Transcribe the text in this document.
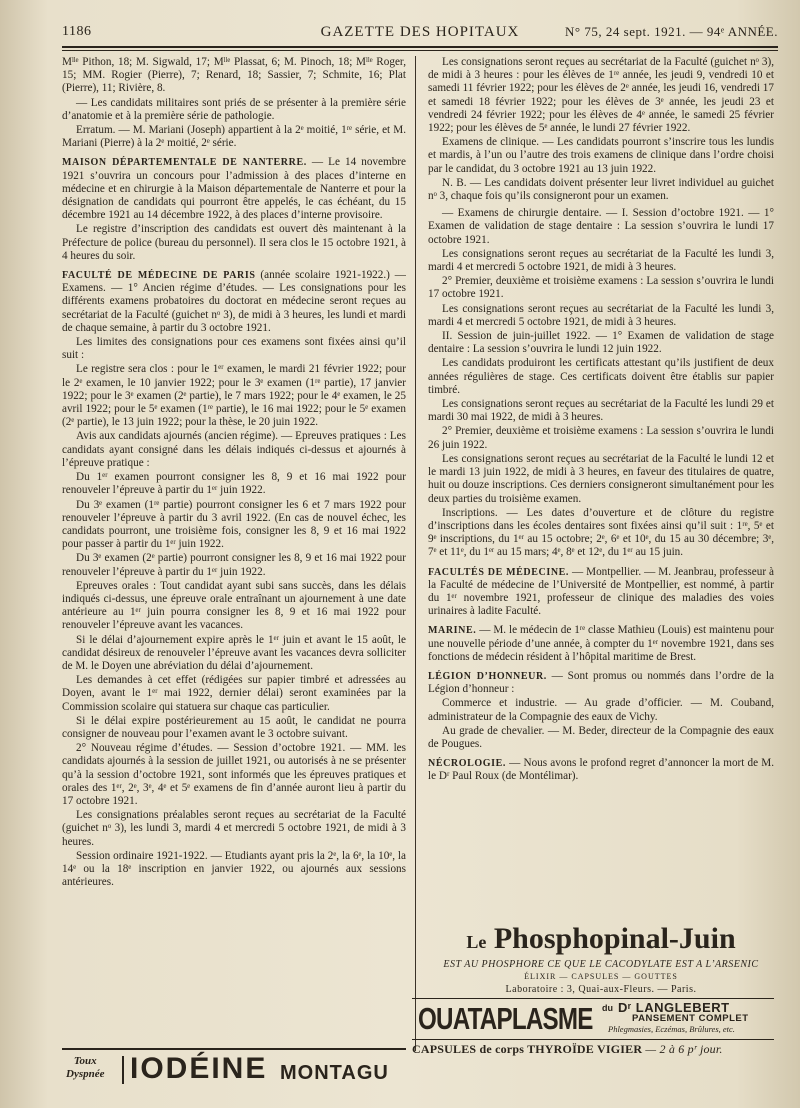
1186	GAZETTE DES HOPITAUX	N° 75, 24 sept. 1921. — 94ᵉ ANNÉE.

Mˡˡᵉ Pithon, 18; M. Sigwald, 17; Mˡˡᵉ Plassat, 6; M. Pinoch, 18; Mˡˡᵉ Roger, 15; MM. Rogier (Pierre), 7; Renard, 18; Sassier, 7; Schmite, 16; Plat (Pierre), 11; Rivière, 8.

— Les candidats militaires sont priés de se présenter à la première série d’anatomie et à la première série de pathologie.

Erratum. — M. Mariani (Joseph) appartient à la 2ᵉ moitié, 1ʳᵉ série, et M. Mariani (Pierre) à la 2ᵉ moitié, 2ᵉ série.

MAISON DÉPARTEMENTALE DE NANTERRE. — Le 14 novembre 1921 s’ouvrira un concours pour l’admission à des places d’interne en médecine et en chirurgie à la Maison départementale de Nanterre et pour la désignation de candidats qui pourront être appelés, le cas échéant, du 15 décembre 1921 au 14 décembre 1922, à des places d’interne provisoire.

Le registre d’inscription des candidats est ouvert dès maintenant à la Préfecture de police (bureau du personnel). Il sera clos le 15 octobre 1921, à 4 heures du soir.

FACULTÉ DE MÉDECINE DE PARIS (année scolaire 1921-1922.) — Examens. — 1° Ancien régime d’études. — Les consignations pour les différents examens probatoires du doctorat en médecine seront reçues au secrétariat de la Faculté (guichet nᵒ 3), de midi à 3 heures, les lundi et mardi de chaque semaine, à partir du 3 octobre 1921.

Les limites des consignations pour ces examens sont fixées ainsi qu’il suit :

Le registre sera clos : pour le 1ᵉʳ examen, le mardi 21 février 1922; pour le 2ᵉ examen, le 10 janvier 1922; pour le 3ᵉ examen (1ʳᵉ partie), 17 janvier 1922; pour le 3ᵉ examen (2ᵉ partie), le 7 mars 1922; pour le 4ᵉ examen, le 25 avril 1922; pour le 5ᵉ examen (1ʳᵉ partie), le 16 mai 1922; pour le 5ᵉ examen (2ᵉ partie), le 13 juin 1922; pour la thèse, le 20 juin 1922.

Avis aux candidats ajournés (ancien régime). — Epreuves pratiques : Les candidats ayant consigné dans les délais indiqués ci-dessus et ajournés à l’épreuve pratique :

Du 1ᵉʳ examen pourront consigner les 8, 9 et 16 mai 1922 pour renouveler l’épreuve à partir du 1ᵉʳ juin 1922.

Du 3ᵉ examen (1ʳᵉ partie) pourront consigner les 6 et 7 mars 1922 pour renouveler l’épreuve à partir du 3 avril 1922. (En cas de nouvel échec, les candidats pourront, une troisième fois, consigner les 8, 9 et 16 mai 1922 pour passer à partir du 1ᵉʳ juin 1922.

Du 3ᵉ examen (2ᵉ partie) pourront consigner les 8, 9 et 16 mai 1922 pour renouveler l’épreuve à partir du 1ᵉʳ juin 1922.

Epreuves orales : Tout candidat ayant subi sans succès, dans les délais indiqués ci-dessus, une épreuve orale entraînant un ajournement à une date antérieure au 1ᵉʳ juin pourra consigner les 8, 9 et 16 mai 1922 pour renouveler l’épreuve avant les vacances.

Si le délai d’ajournement expire après le 1ᵉʳ juin et avant le 15 août, le candidat désireux de renouveler l’épreuve avant les vacances devra solliciter de M. le Doyen une abréviation du délai d’ajournement.

Les demandes à cet effet (rédigées sur papier timbré et adressées au Doyen, avant le 1ᵉʳ mai 1922, dernier délai) seront examinées par la Commission scolaire qui statuera sur chaque cas particulier.

Si le délai expire postérieurement au 15 août, le candidat ne pourra consigner de nouveau pour l’examen avant le 3 octobre suivant.

2° Nouveau régime d’études. — Session d’octobre 1921. — MM. les candidats ajournés à la session de juillet 1921, ou autorisés à ne se présenter qu’à la session d’octobre 1921, sont informés que les épreuves pratiques et orales des 1ᵉʳ, 2ᵉ, 3ᵉ, 4ᵉ et 5ᵉ examens de fin d’année auront lieu à partir du 17 octobre 1921.

Les consignations préalables seront reçues au secrétariat de la Faculté (guichet nᵒ 3), les lundi 3, mardi 4 et mercredi 5 octobre 1921, de midi à 3 heures.

Session ordinaire 1921-1922. — Etudiants ayant pris la 2ᵉ, la 6ᵉ, la 10ᵉ, la 14ᵉ ou la 18ᵉ inscription en janvier 1922, ou ajournés aux sessions antérieures.

Les consignations seront reçues au secrétariat de la Faculté (guichet nᵒ 3), de midi à 3 heures : pour les élèves de 1ʳᵉ année, les jeudi 9, vendredi 10 et samedi 11 février 1922; pour les élèves de 2ᵉ année, les jeudi 16, vendredi 17 et samedi 18 février 1922; pour les élèves de 3ᵉ année, les jeudi 23 et vendredi 24 février 1922; pour les élèves de 4ᵉ année, le samedi 25 février 1922; pour les élèves de 5ᵉ année, le lundi 27 février 1922.

Examens de clinique. — Les candidats pourront s’inscrire tous les lundis et mardis, à l’un ou l’autre des trois examens de clinique dans l’ordre choisi par le candidat, du 3 octobre 1921 au 13 juin 1922.

N. B. — Les candidats doivent présenter leur livret individuel au guichet nᵒ 3, chaque fois qu’ils consigneront pour un examen.

— Examens de chirurgie dentaire. — I. Session d’octobre 1921. — 1° Examen de validation de stage dentaire : La session s’ouvrira le lundi 17 octobre 1921.

Les consignations seront reçues au secrétariat de la Faculté les lundi 3, mardi 4 et mercredi 5 octobre 1921, de midi à 3 heures.

2° Premier, deuxième et troisième examens : La session s’ouvrira le lundi 17 octobre 1921.

Les consignations seront reçues au secrétariat de la Faculté les lundi 3, mardi 4 et mercredi 5 octobre 1921, de midi à 3 heures.

II. Session de juin-juillet 1922. — 1° Examen de validation de stage dentaire : La session s’ouvrira le lundi 12 juin 1922.

Les candidats produiront les certificats attestant qu’ils justifient de deux années régulières de stage. Ces certificats doivent être établis sur papier timbré.

Les consignations seront reçues au secrétariat de la Faculté les lundi 29 et mardi 30 mai 1922, de midi à 3 heures.

2° Premier, deuxième et troisième examens : La session s’ouvrira le lundi 26 juin 1922.

Les consignations seront reçues au secrétariat de la Faculté le lundi 12 et le mardi 13 juin 1922, de midi à 3 heures, en faveur des titulaires de quatre, huit ou douze inscriptions. Ces derniers consigneront simultanément pour les deux parties du troisième examen.

Inscriptions. — Les dates d’ouverture et de clôture du registre d’inscriptions dans les écoles dentaires sont fixées ainsi qu’il suit : 1ʳᵉ, 5ᵉ et 9ᵉ inscriptions, du 1ᵉʳ au 15 octobre; 2ᵉ, 6ᵉ et 10ᵉ, du 15 au 30 décembre; 3ᵉ, 7ᵉ et 11ᵉ, du 1ᵉʳ au 15 mars; 4ᵉ, 8ᵉ et 12ᵉ, du 1ᵉʳ au 15 juin.

FACULTÉS DE MÉDECINE. — Montpellier. — M. Jeanbrau, professeur à la Faculté de médecine de l’Université de Montpellier, est nommé, à partir du 1ᵉʳ novembre 1921, professeur de clinique des maladies des voies urinaires à ladite Faculté.

MARINE. — M. le médecin de 1ʳᵉ classe Mathieu (Louis) est maintenu pour une nouvelle période d’une année, à compter du 1ᵉʳ novembre 1921, dans ses fonctions de médecin résident à l’hôpital maritime de Brest.

LÉGION D’HONNEUR. — Sont promus ou nommés dans l’ordre de la Légion d’honneur :

Commerce et industrie. — Au grade d’officier. — M. Couband, administrateur de la Compagnie des eaux de Vichy.

Au grade de chevalier. — M. Beder, directeur de la Compagnie des eaux de Pougues.

NÉCROLOGIE. — Nous avons le profond regret d’annoncer la mort de M. le Dʳ Paul Roux (de Montélimar).

Le Phosphopinal-Juin
EST AU PHOSPHORE CE QUE LE CACODYLATE EST A L’ARSENIC
ÉLIXIR — CAPSULES — GOUTTES
Laboratoire : 3, Quai-aux-Fleurs. — Paris.
OUATAPLASME du Dʳ LANGLEBERT
PANSEMENT COMPLET
Phlegmasies, Eczémas, Brûlures, etc.
CAPSULES de corps THYROÏDE VIGIER — 2 à 6 pʳ jour.
Toux
Dyspnée IODÉINE MONTAGU
